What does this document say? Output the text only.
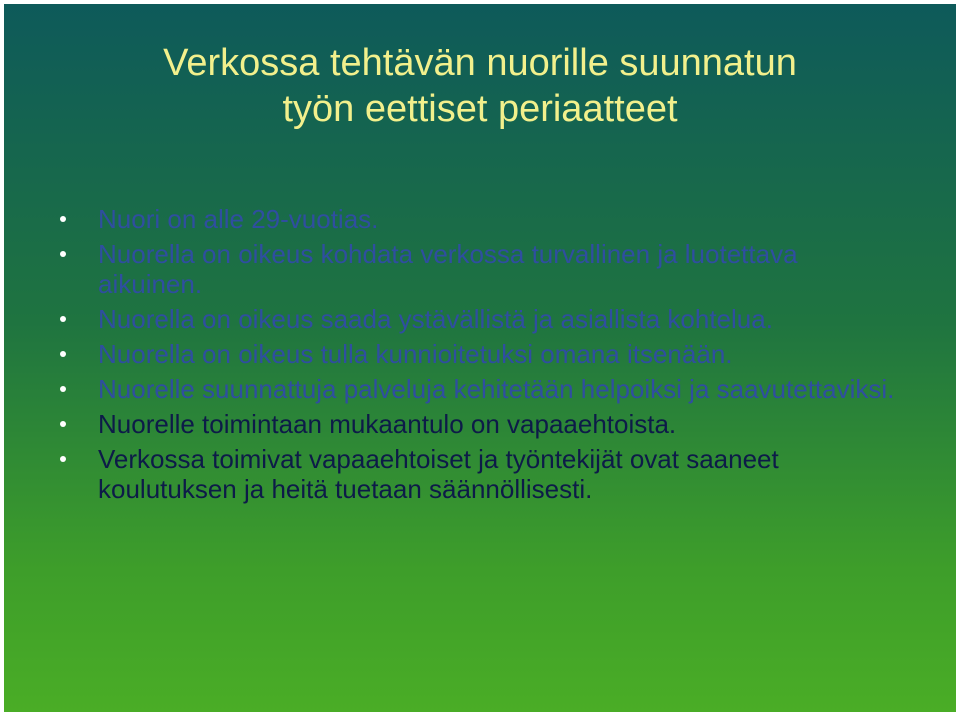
Verkossa tehtävän nuorille suunnatun
työn eettiset periaatteet
Nuori on alle 29-vuotias.
Nuorella on oikeus kohdata verkossa turvallinen ja luotettava aikuinen.
Nuorella on oikeus saada ystävällistä ja asiallista kohtelua.
Nuorella on oikeus tulla kunnioitetuksi omana itsenään.
Nuorelle suunnattuja palveluja kehitetään helpoiksi ja saavutettaviksi.
Nuorelle toimintaan mukaantulo on vapaaehtoista.
Verkossa toimivat vapaaehtoiset ja työntekijät ovat saaneet koulutuksen ja heitä tuetaan säännöllisesti.
